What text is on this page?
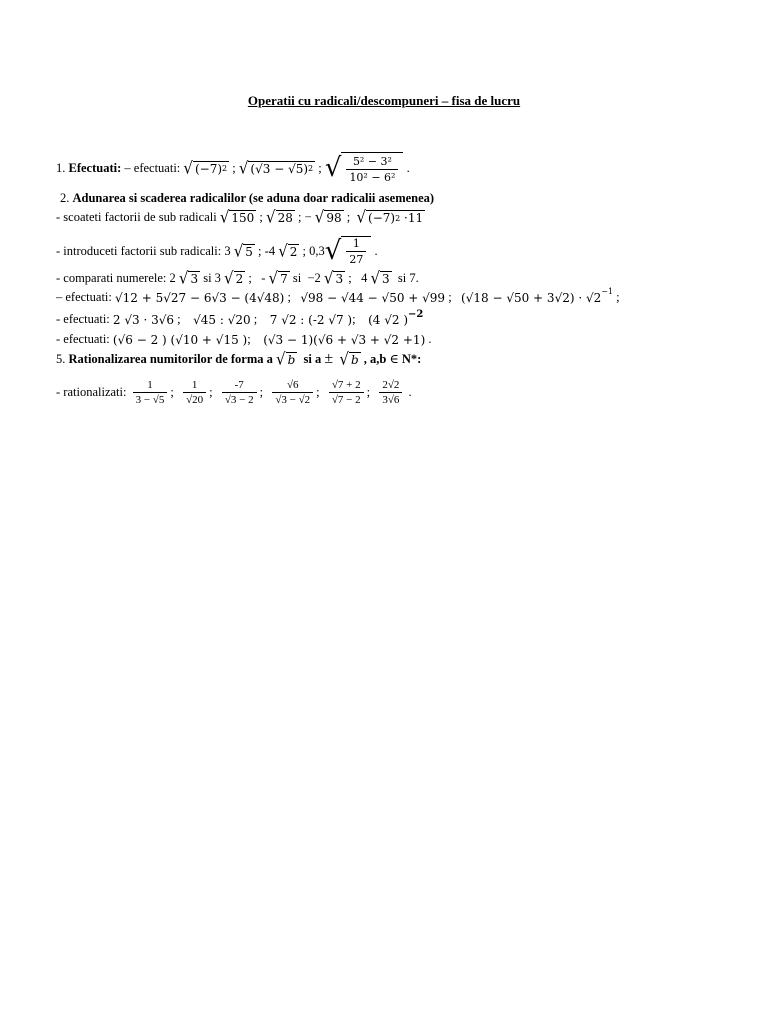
Operatii cu radicali/descompuneri – fisa de lucru
1.
Efectuati:
– efectuati:
√ (−7) 2 ; √ ( √3 − √5 ) 2 ; √ $\frac{\text{5² − 3²}}{\text{10² − 6²}}$ .
2.
Adunarea si scaderea radicalilor (se aduna doar radicalii asemenea)
- scoateti factorii de sub radicali
√ 150 ; √ 28 ; − √ 98 ; √ (−7) 2
·11
- introduceti factorii sub radicali:
3
√ 5 ; -4
√ 2 ; 0,3 √ $\frac{1}{27}$ .
- comparati numerele:
2
√ 3
si
3
√ 2 ; -
√ 7 si −2
√ 3 ; 4
√ 3
si 7.
– efectuati:
√12 + 5√27 − 6√3 − (4√48) ; √98 − √44 − √50 + √99 ; $(√18 - √50 + 3√2) \cdot √2^{-1}$ ;
- efectuati:
2 √3 · 3√6 ; √45 : √20 ; 7 √2 : (-2 √7 ) ; (4 √2 )$^{-2}$
- efectuati:
(√6 − 2 ) (√10 + √15 ) ; (√3 − 1)(√6 + √3 + √2 +1) .
5.
Rationalizarea numitorilor de forma a
√ b
si a
±
√ b
, a,b
∈
N*:
- rationalizati:
$\frac{1}{3 - √5}$ ; $\frac{1}{√20}$ ; $\frac{-7}{√3 - 2}$ ; $\frac{√6}{√3 - √2}$ ; $\frac{√7 + 2}{√7 - 2}$ ; $\frac{2√2}{3√6}$ .
